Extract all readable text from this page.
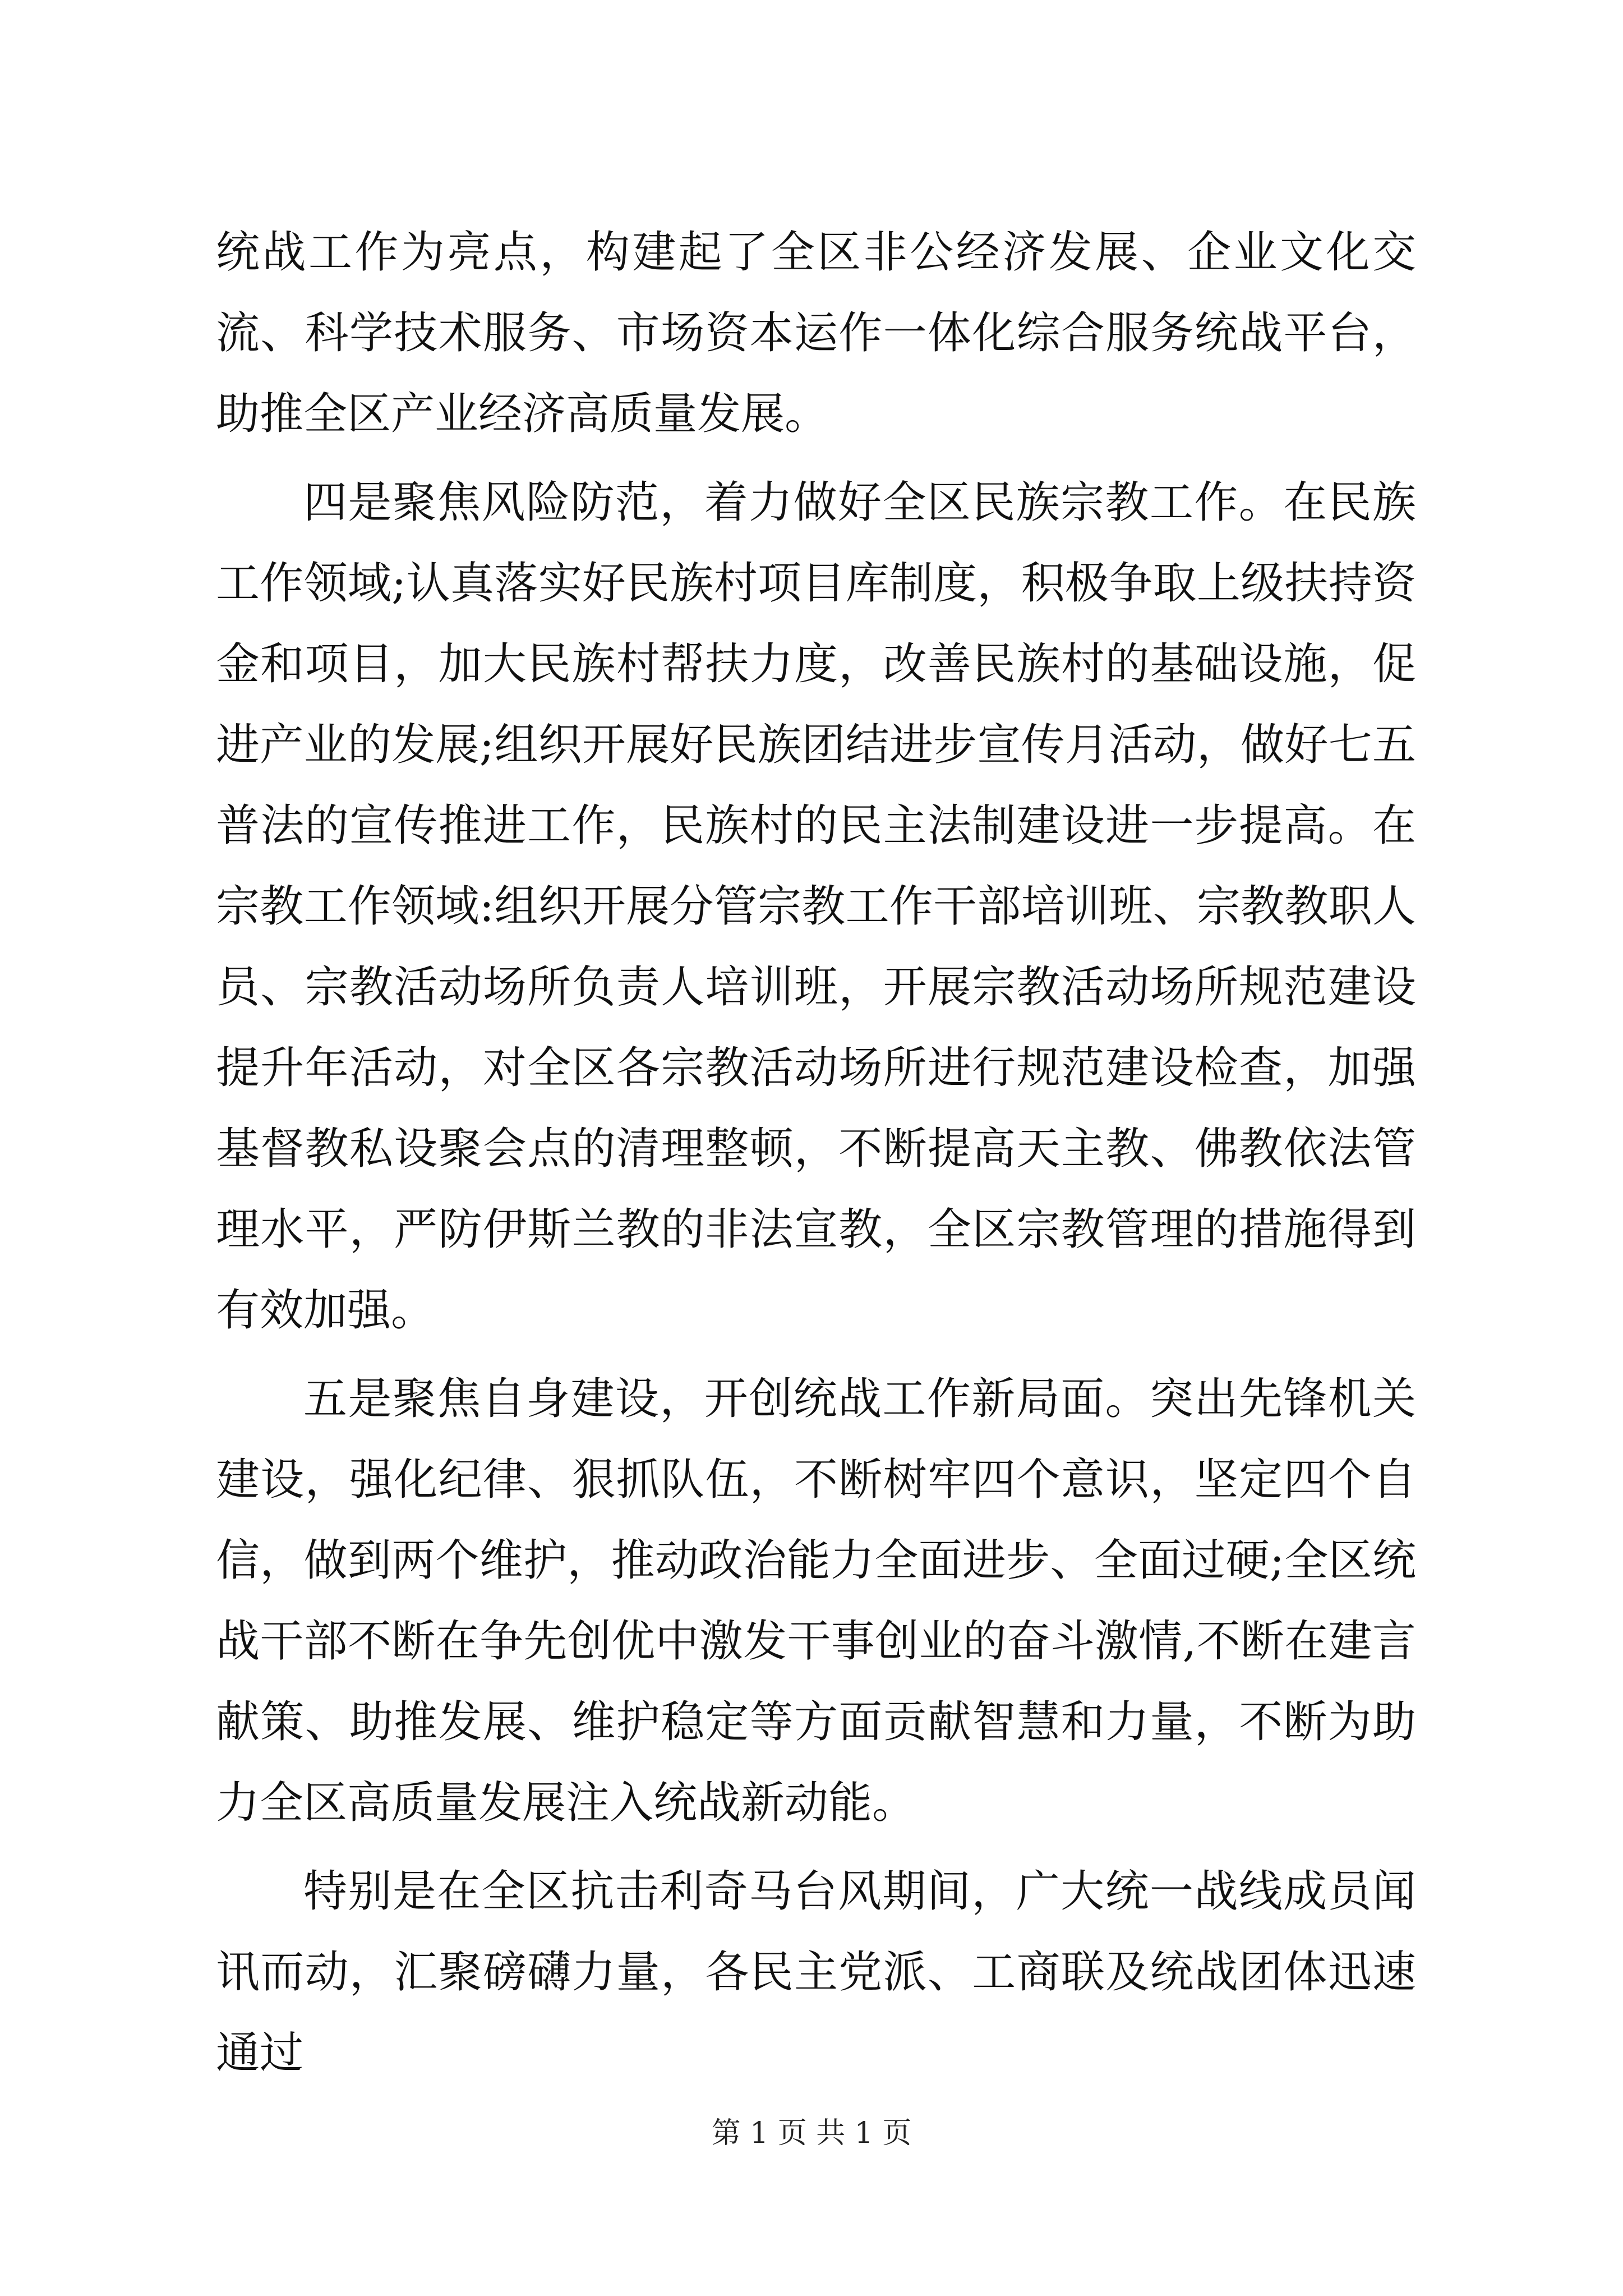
统战工作为亮点，构建起了全区非公经济发展、企业文化交流、科学技术服务、市场资本运作一体化综合服务统战平台，助推全区产业经济高质量发展。

四是聚焦风险防范，着力做好全区民族宗教工作。在民族工作领域;认真落实好民族村项目库制度，积极争取上级扶持资金和项目，加大民族村帮扶力度，改善民族村的基础设施，促进产业的发展;组织开展好民族团结进步宣传月活动，做好七五普法的宣传推进工作，民族村的民主法制建设进一步提高。在宗教工作领域:组织开展分管宗教工作干部培训班、宗教教职人员、宗教活动场所负责人培训班，开展宗教活动场所规范建设提升年活动，对全区各宗教活动场所进行规范建设检查，加强基督教私设聚会点的清理整顿，不断提高天主教、佛教依法管理水平，严防伊斯兰教的非法宣教，全区宗教管理的措施得到有效加强。

五是聚焦自身建设，开创统战工作新局面。突出先锋机关建设，强化纪律、狠抓队伍，不断树牢四个意识，坚定四个自信，做到两个维护，推动政治能力全面进步、全面过硬;全区统战干部不断在争先创优中激发干事创业的奋斗激情,不断在建言献策、助推发展、维护稳定等方面贡献智慧和力量，不断为助力全区高质量发展注入统战新动能。

特别是在全区抗击利奇马台风期间，广大统一战线成员闻讯而动，汇聚磅礴力量，各民主党派、工商联及统战团体迅速通过

第 1 页 共 1 页
